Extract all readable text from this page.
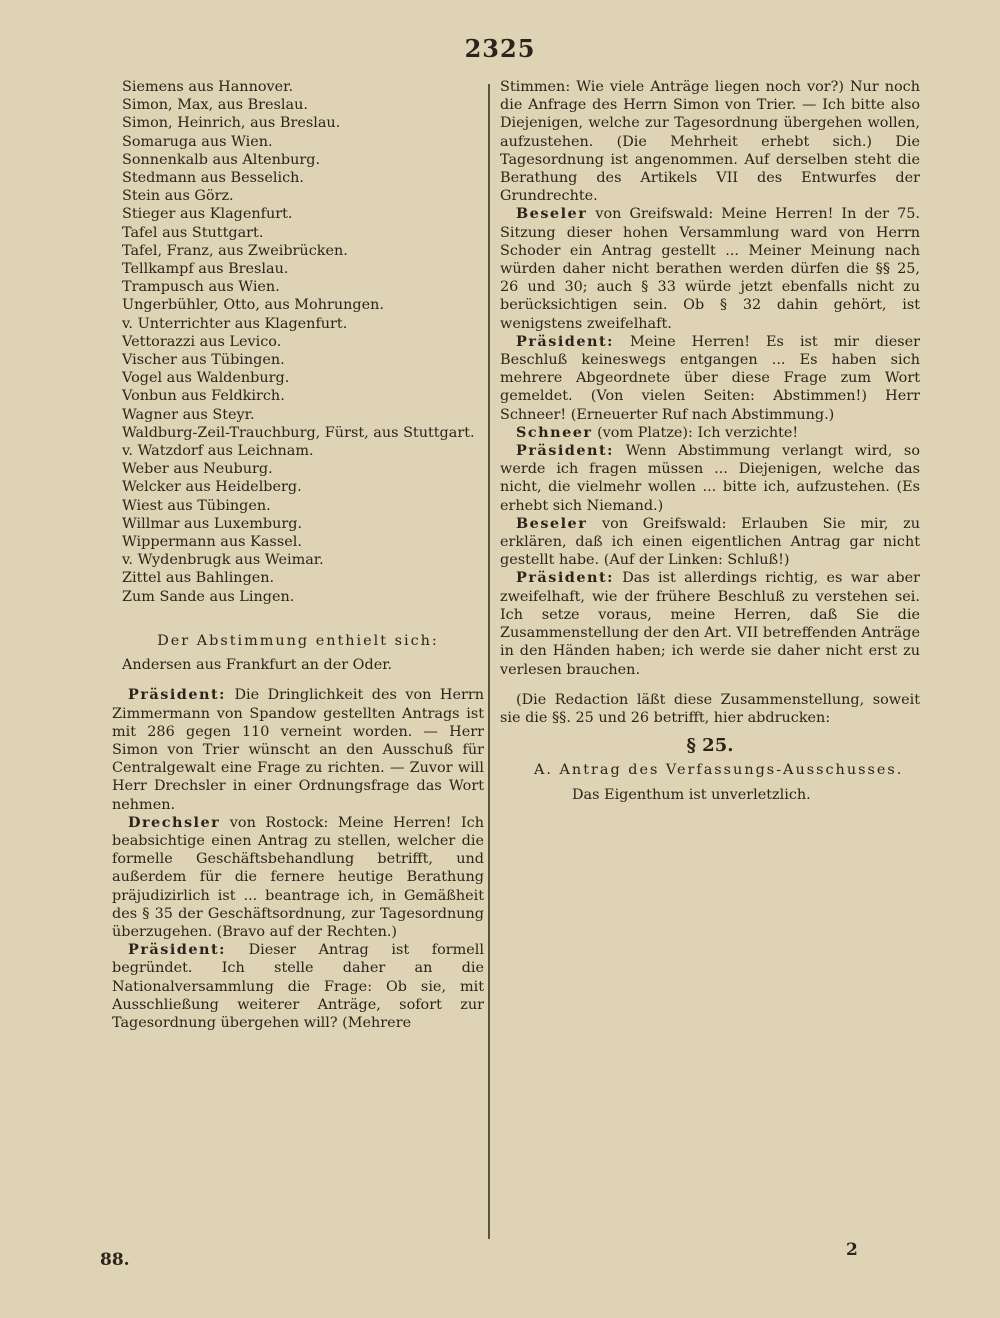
2325
Siemens aus Hannover.
Simon, Max, aus Breslau.
Simon, Heinrich, aus Breslau.
Somaruga aus Wien.
Sonnenkalb aus Altenburg.
Stedmann aus Besselich.
Stein aus Görz.
Stieger aus Klagenfurt.
Tafel aus Stuttgart.
Tafel, Franz, aus Zweibrücken.
Tellkampf aus Breslau.
Trampusch aus Wien.
Ungerbühler, Otto, aus Mohrungen.
v. Unterrichter aus Klagenfurt.
Vettorazzi aus Levico.
Vischer aus Tübingen.
Vogel aus Waldenburg.
Vonbun aus Feldkirch.
Wagner aus Steyr.
Waldburg-Zeil-Trauchburg, Fürst, aus Stuttgart.
v. Watzdorf aus Leichnam.
Weber aus Neuburg.
Welcker aus Heidelberg.
Wiest aus Tübingen.
Willmar aus Luxemburg.
Wippermann aus Kassel.
v. Wydenbrugk aus Weimar.
Zittel aus Bahlingen.
Zum Sande aus Lingen.
Der Abstimmung enthielt sich:
Andersen aus Frankfurt an der Oder.

Präsident: Die Dringlichkeit des von Herrn Zimmermann von Spandow gestellten Antrags ist mit 286 gegen 110 verneint worden. — Herr Simon von Trier wünscht an den Ausschuß für Centralgewalt eine Frage zu richten. — Zuvor will Herr Drechsler in einer Ordnungsfrage das Wort nehmen.

Drechsler von Rostock: Meine Herren! Ich beabsichtige einen Antrag zu stellen, welcher die formelle Geschäftsbehandlung betrifft, und außerdem für die fernere heutige Berathung präjudizirlich ist ... beantrage ich, in Gemäßheit des § 35 der Geschäftsordnung, zur Tagesordnung überzugehen. (Bravo auf der Rechten.)

Präsident: Dieser Antrag ist formell begründet. Ich stelle daher an die Nationalversammlung die Frage: Ob sie, mit Ausschließung weiterer Anträge, sofort zur Tagesordnung übergehen will? (Mehrere

88.

Stimmen: Wie viele Anträge liegen noch vor?) Nur noch die Anfrage des Herrn Simon von Trier. — Ich bitte also Diejenigen, welche zur Tagesordnung übergehen wollen, aufzustehen. (Die Mehrheit erhebt sich.) Die Tagesordnung ist angenommen. Auf derselben steht die Berathung des Artikels VII des Entwurfes der Grundrechte.

Beseler von Greifswald: Meine Herren! In der 75. Sitzung dieser hohen Versammlung ward von Herrn Schoder ein Antrag gestellt ... Meiner Meinung nach würden daher nicht berathen werden dürfen die §§ 25, 26 und 30; auch § 33 würde jetzt ebenfalls nicht zu berücksichtigen sein. Ob § 32 dahin gehört, ist wenigstens zweifelhaft.

Präsident: Meine Herren! Es ist mir dieser Beschluß keineswegs entgangen ... Es haben sich mehrere Abgeordnete über diese Frage zum Wort gemeldet. (Von vielen Seiten: Abstimmen!) Herr Schneer! (Erneuerter Ruf nach Abstimmung.)

Schneer (vom Platze): Ich verzichte!

Präsident: Wenn Abstimmung verlangt wird, so werde ich fragen müssen ... Diejenigen, welche das nicht, die vielmehr wollen ... bitte ich, aufzustehen. (Es erhebt sich Niemand.)

Beseler von Greifswald: Erlauben Sie mir, zu erklären, daß ich einen eigentlichen Antrag gar nicht gestellt habe. (Auf der Linken: Schluß!)

Präsident: Das ist allerdings richtig, es war aber zweifelhaft, wie der frühere Beschluß zu verstehen sei. Ich setze voraus, meine Herren, daß Sie die Zusammenstellung der den Art. VII betreffenden Anträge in den Händen haben; ich werde sie daher nicht erst zu verlesen brauchen.

(Die Redaction läßt diese Zusammenstellung, soweit sie die §§. 25 und 26 betrifft, hier abdrucken:

§ 25.
A. Antrag des Verfassungs-Ausschusses.
Das Eigenthum ist unverletzlich.
2
